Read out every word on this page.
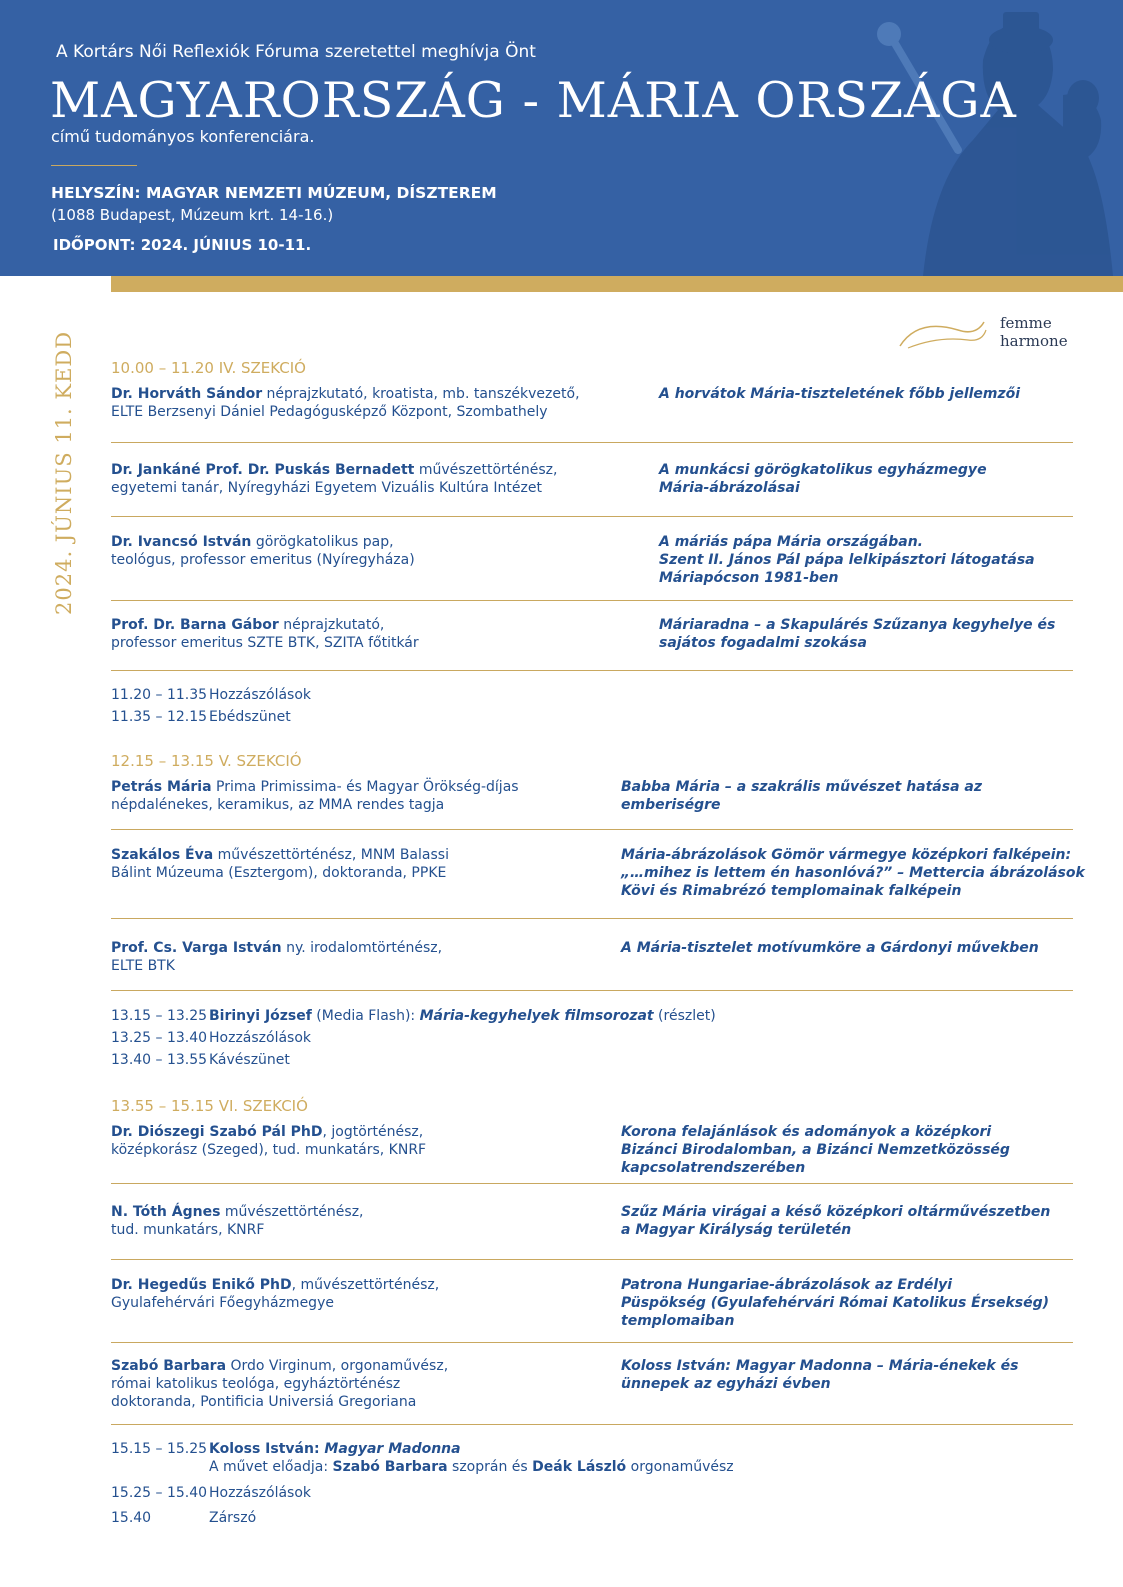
A Kortárs Női Reflexiók Fóruma szeretettel meghívja Önt
MAGYARORSZÁG - MÁRIA ORSZÁGA
című tudományos konferenciára.
HELYSZÍN: MAGYAR NEMZETI MÚZEUM, DÍSZTEREM
(1088 Budapest, Múzeum krt. 14-16.)
IDŐPONT: 2024. JÚNIUS 10-11.
femme
harmone
2024. JÚNIUS 11. KEDD 10.00 – 11.20 IV. SZEKCIÓ
Dr. Horváth Sándor néprajzkutató, kroatista, mb. tanszékvezető,
ELTE Berzsenyi Dániel Pedagógusképző Központ, Szombathely
A horvátok Mária-tiszteletének főbb jellemzői
Dr. Jankáné Prof. Dr. Puskás Bernadett művészettörténész,
egyetemi tanár, Nyíregyházi Egyetem Vizuális Kultúra Intézet
A munkácsi görögkatolikus egyházmegye
Mária-ábrázolásai
Dr. Ivancsó István görögkatolikus pap,
teológus, professor emeritus (Nyíregyháza)
A máriás pápa Mária országában.
Szent II. János Pál pápa lelkipásztori látogatása
Máriapócson 1981-ben
Prof. Dr. Barna Gábor néprajzkutató,
professor emeritus SZTE BTK, SZITA főtitkár
Máriaradna – a Skapulárés Szűzanya kegyhelye és
sajátos fogadalmi szokása
11.20 – 11.35 Hozzászólások
11.35 – 12.15 Ebédszünet
12.15 – 13.15 V. SZEKCIÓ
Petrás Mária Prima Primissima- és Magyar Örökség-díjas
népdalénekes, keramikus, az MMA rendes tagja
Babba Mária – a szakrális művészet hatása az
emberiségre
Szakálos Éva művészettörténész, MNM Balassi
Bálint Múzeuma (Esztergom), doktoranda, PPKE
Mária-ábrázolások Gömör vármegye középkori falképein:
„…mihez is lettem én hasonlóvá?” – Mettercia ábrázolások
Kövi és Rimabrézó templomainak falképein
Prof. Cs. Varga István ny. irodalomtörténész,
ELTE BTK
A Mária-tisztelet motívumköre a Gárdonyi művekben
13.15 – 13.25 Birinyi József (Media Flash): Mária-kegyhelyek filmsorozat (részlet)
13.25 – 13.40 Hozzászólások
13.40 – 13.55 Kávészünet
13.55 – 15.15 VI. SZEKCIÓ
Dr. Diószegi Szabó Pál PhD, jogtörténész,
középkorász (Szeged), tud. munkatárs, KNRF
Korona felajánlások és adományok a középkori
Bizánci Birodalomban, a Bizánci Nemzetközösség
kapcsolatrendszerében
N. Tóth Ágnes művészettörténész,
tud. munkatárs, KNRF
Szűz Mária virágai a késő középkori oltárművészetben
a Magyar Királyság területén
Dr. Hegedűs Enikő PhD, művészettörténész,
Gyulafehérvári Főegyházmegye
Patrona Hungariae-ábrázolások az Erdélyi
Püspökség (Gyulafehérvári Római Katolikus Érsekség)
templomaiban
Szabó Barbara Ordo Virginum, orgonaművész,
római katolikus teológa, egyháztörténész
doktoranda, Pontificia Universiá Gregoriana
Koloss István: Magyar Madonna – Mária-énekek és
ünnepek az egyházi évben
15.15 – 15.25 Koloss István: Magyar Madonna
A művet előadja: Szabó Barbara szoprán és Deák László orgonaművész
15.25 – 15.40 Hozzászólások
15.40	Zárszó
